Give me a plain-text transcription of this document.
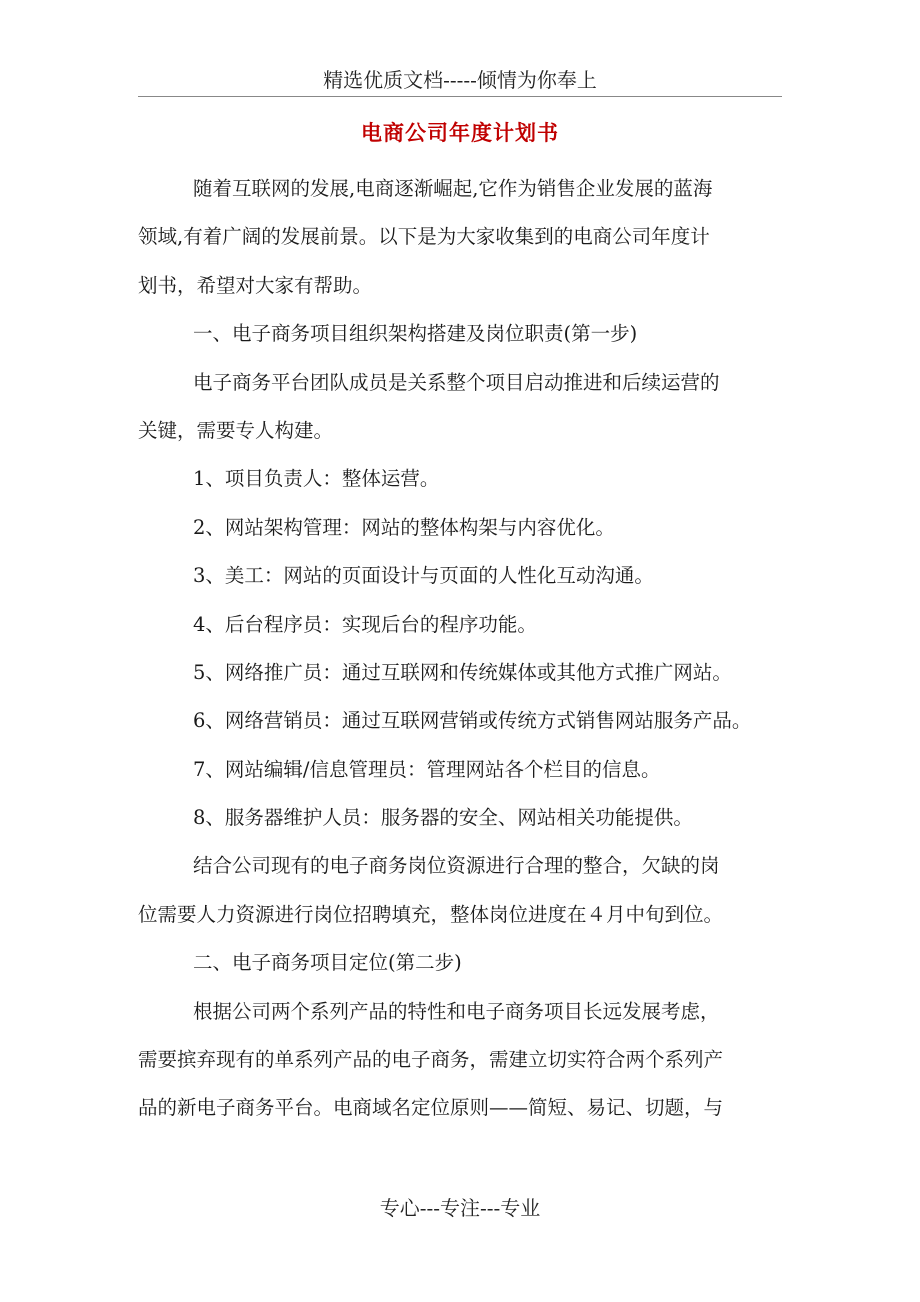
精选优质文档-----倾情为你奉上
电商公司年度计划书
随着互联网的发展,电商逐渐崛起,它作为销售企业发展的蓝海
领域,有着广阔的发展前景。以下是为大家收集到的电商公司年度计
划书，希望对大家有帮助。
一、电子商务项目组织架构搭建及岗位职责(第一步)
电子商务平台团队成员是关系整个项目启动推进和后续运营的
关键，需要专人构建。
1、项目负责人：整体运营。
2、网站架构管理：网站的整体构架与内容优化。
3、美工：网站的页面设计与页面的人性化互动沟通。
4、后台程序员：实现后台的程序功能。
5、网络推广员：通过互联网和传统媒体或其他方式推广网站。
6、网络营销员：通过互联网营销或传统方式销售网站服务产品。
7、网站编辑/信息管理员：管理网站各个栏目的信息。
8、服务器维护人员：服务器的安全、网站相关功能提供。
结合公司现有的电子商务岗位资源进行合理的整合，欠缺的岗
位需要人力资源进行岗位招聘填充，整体岗位进度在４月中旬到位。
二、电子商务项目定位(第二步)
根据公司两个系列产品的特性和电子商务项目长远发展考虑，
需要摈弃现有的单系列产品的电子商务，需建立切实符合两个系列产
品的新电子商务平台。电商域名定位原则——简短、易记、切题，与
专心---专注---专业
